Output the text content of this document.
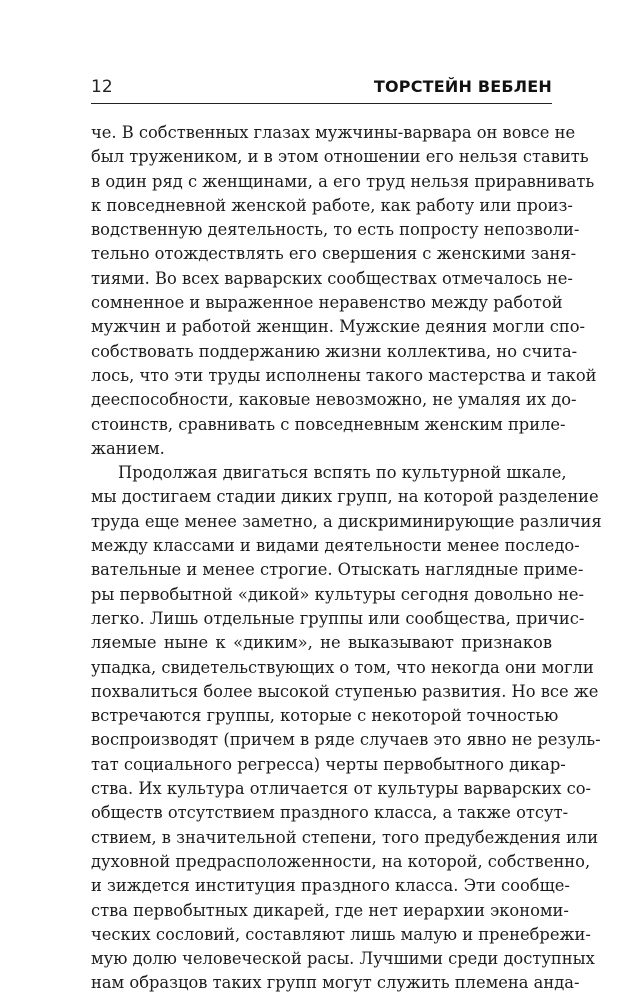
12	ТОРСТЕЙН ВЕБЛЕН
че. В собственных глазах мужчины-варвара он вовсе не
был тружеником, и в этом отношении его нельзя ставить
в один ряд с женщинами, а его труд нельзя приравнивать
к повседневной женской работе, как работу или произ-
водственную деятельность, то есть попросту непозволи-
тельно отождествлять его свершения с женскими заня-
тиями. Во всех варварских сообществах отмечалось не-
сомненное и выраженное неравенство между работой
мужчин и работой женщин. Мужские деяния могли спо-
собствовать поддержанию жизни коллектива, но счита-
лось, что эти труды исполнены такого мастерства и такой
дееспособности, каковые невозможно, не умаляя их до-
стоинств, сравнивать с повседневным женским приле-
жанием.
Продолжая двигаться вспять по культурной шкале,
мы достигаем стадии диких групп, на которой разделение
труда еще менее заметно, а дискриминирующие различия
между классами и видами деятельности менее последо-
вательные и менее строгие. Отыскать наглядные приме-
ры первобытной «дикой» культуры сегодня довольно не-
легко. Лишь отдельные группы или сообщества, причис-
ляемые ныне к «диким», не выказывают признаков
упадка, свидетельствующих о том, что некогда они могли
похвалиться более высокой ступенью развития. Но все же
встречаются группы, которые с некоторой точностью
воспроизводят (причем в ряде случаев это явно не резуль-
тат социального регресса) черты первобытного дикар-
ства. Их культура отличается от культуры варварских со-
обществ отсутствием праздного класса, а также отсут-
ствием, в значительной степени, того предубеждения или
духовной предрасположенности, на которой, собственно,
и зиждется институция праздного класса. Эти сообще-
ства первобытных дикарей, где нет иерархии экономи-
ческих сословий, составляют лишь малую и пренебрежи-
мую долю человеческой расы. Лучшими среди доступных
нам образцов таких групп могут служить племена анда-
